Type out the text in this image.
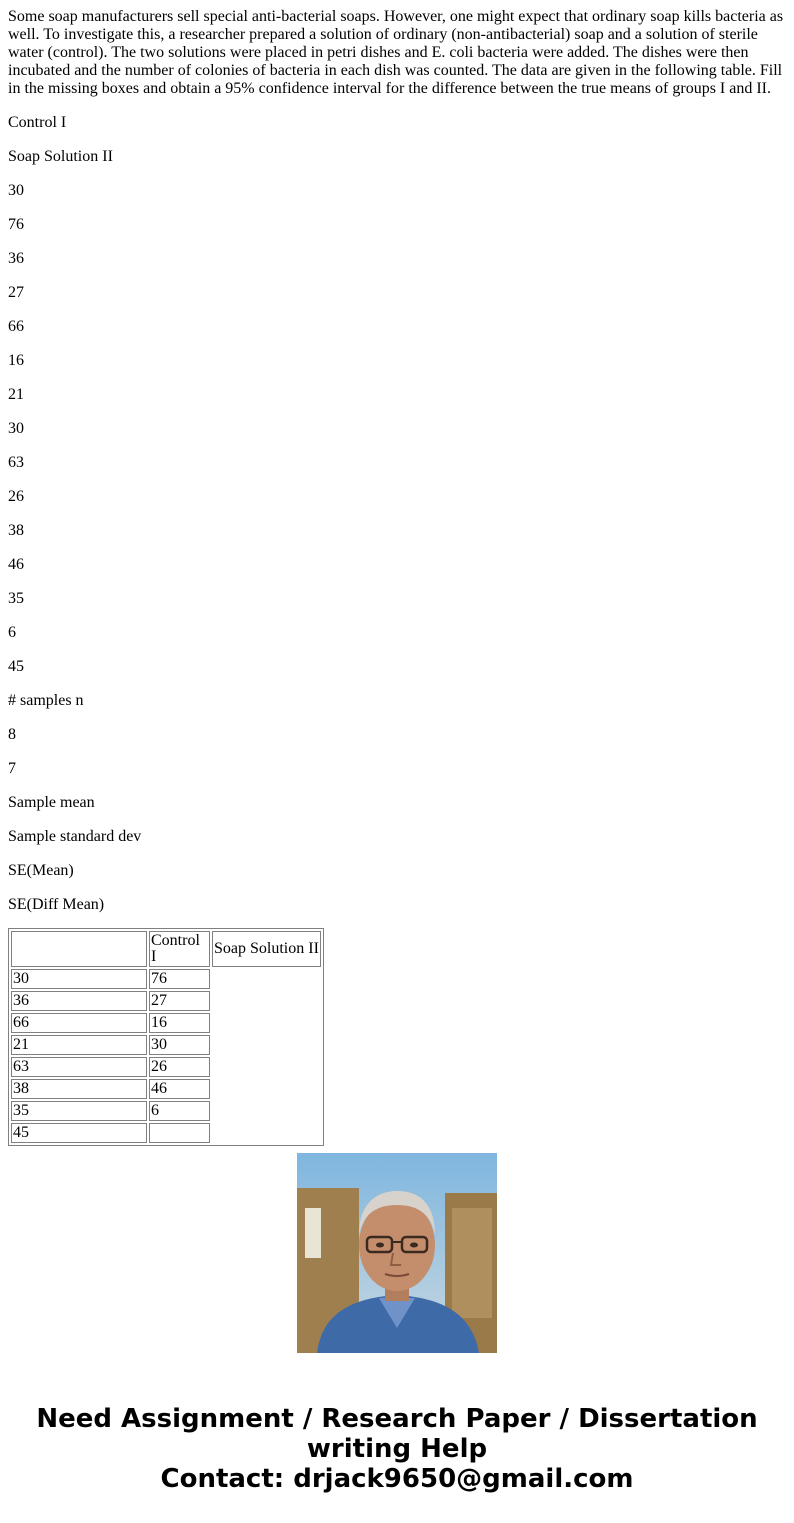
Some soap manufacturers sell special anti-bacterial soaps. However, one might expect that ordinary soap kills bacteria as well. To investigate this, a researcher prepared a solution of ordinary (non-antibacterial) soap and a solution of sterile water (control). The two solutions were placed in petri dishes and E. coli bacteria were added. The dishes were then incubated and the number of colonies of bacteria in each dish was counted. The data are given in the following table. Fill in the missing boxes and obtain a 95% confidence interval for the difference between the true means of groups I and II.

Control I

Soap Solution II

30

76

36

27

66

16

21

30

63

26

38

46

35

6

45

# samples n

8

7

Sample mean

Sample standard dev

SE(Mean)

SE(Diff Mean)

	Control I	Soap Solution II
30	76	
36	27	
66	16	
21	30	
63	26	
38	46	
35	6	
45		
Need Assignment / Research Paper / Dissertation
writing Help
Contact: drjack9650@gmail.com
